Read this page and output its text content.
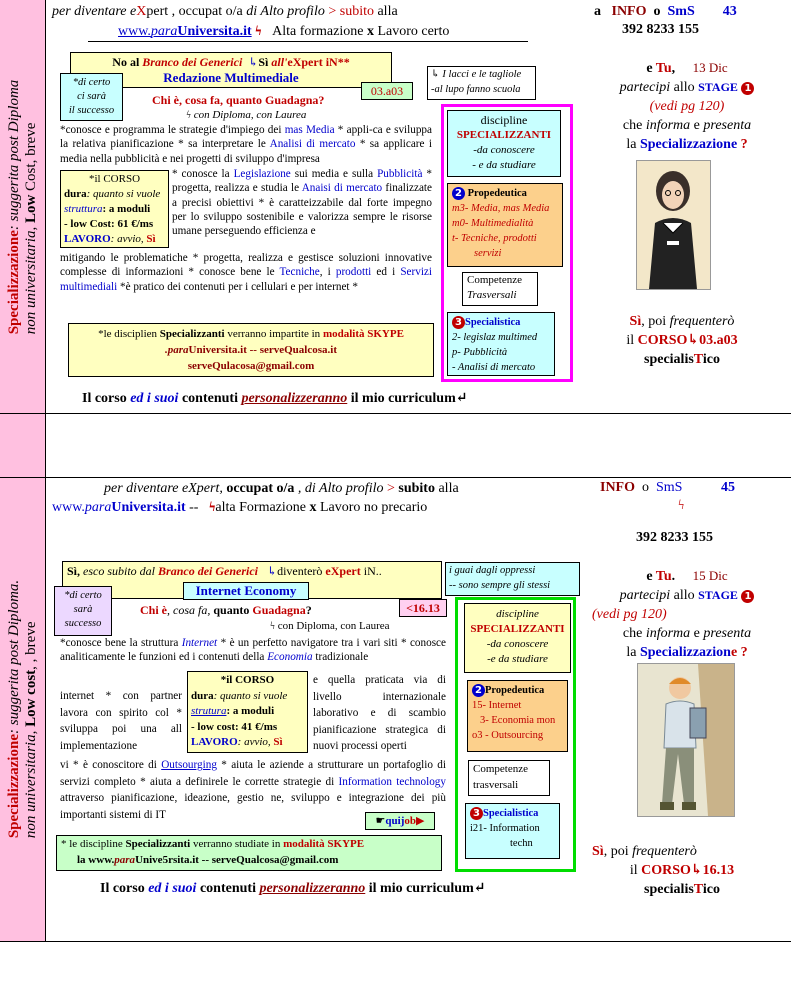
Specializzazione: suggerita post Diploma
non universitaria, Low Cost, breve
Specializzazione: suggerita post Diploma.
non universitaria, Low cost, , breve
per diventare eXpert , occupat o/a di Alto profilo > subito alla
www.paraUniversita.it ϟ Alta formazione x Lavoro certo
a INFO o SmS 43
392 8233 155
No al Branco dei Generici ↳Sì all'eXpert iN**
Redazione Multimediale
03.a03
↳ I lacci e le tagliole
-al lupo fanno scuola
*di certo
ci sarà
il successo
Chi è, cosa fa, quanto Guadagna?
ϟ con Diploma, con Laurea
*conosce e programma le strategie d'impiego dei mas Media * appli-ca e sviluppa la relativa pianificazione * sa interpretare le Analisi di mercato * sa applicare i media nella pubblicità e nei progetti di sviluppo d'impresa
* conosce la Legislazione sui media e sulla Pubblicità * progetta, realizza e studia le Anaisi di mercato finalizzate a precisi obiettivi * è caratteizzabile dal forte impegno per lo sviluppo sostenibile e valorizza sempre le risorse umane perseguendo efficienza e
*il CORSO
dura: quanto si vuole
struttura: a moduli
- low Cost: 61 €/ms
LAVORO: avvio, Sì
mitigando le problematiche * progetta, realizza e gestisce soluzioni innovative complesse di informazioni * conosce bene le Tecniche, i prodotti ed i Servizi multimediali *è pratico dei contenuti per i cellulari e per internet *
*le disciplien Specializzanti verranno impartite in modalità SKYPE
.paraUniversita.it -- serveQualcosa.it
serveQulacosa@gmail.com
Il corso ed i suoi contenuti personalizzeranno il mio curriculum↵
discipline
SPECIALIZZANTI
-da conoscere
- e da studiare
2 Propedeutica
m3- Media, mas Media
m0- Multimedialità
t- Tecniche, prodotti
servizi
Competenze
Trasversali
3 Specialistica
2- legislaz multimed
p- Pubblicità
- Analisi di mercato
e Tu, 13 Dic
partecipi allo STAGE 1
(vedi pg 120)
che informa e presenta
la Specializzazione ?
Sì, poi frequenterò
il CORSO↳03.a03
specialisTico
per diventare eXpert, occupat o/a , di Alto profilo > subito alla
www.paraUniversita.it -- ϟalta Formazione x Lavoro no precario
INFO o SmS	45
ϟ
392 8233 155
Sì, esco subito dal Branco dei Generici ↳diventerò eXpert iN..
Internet Economy
i guai dagli oppressi
-- sono sempre gli stessi
*di certo
sarà
successo
<16.13
Chi è, cosa fa, quanto Guadagna?
ϟ con Diploma, con Laurea
*conosce bene la struttura Internet * è un perfetto navigatore tra i vari siti * conosce analiticamente le funzioni ed i contenuti della Economia tradizionale
internet * con partner lavora con spirito col * sviluppa poi una all implementazione
*il CORSO
dura: quanto si vuole
strutura: a moduli
- low cost: 41 €/ms
LAVORO: avvio, Sì
e quella praticata via di livello internazionale laborativo e di scambio pianificazione strategica di nuovi processi operti
vi * è conoscitore di Outsourging * aiuta le aziende a strutturare un portafoglio di servizi completo * aiuta a definirele le corrette strategie di Information technology attraverso pianificazione, ideazione, gestio ne, sviluppo e integrazione dei più importanti sistemi di IT
☛quijob▶
* le discipline Specializzanti verranno studiate in modalità SKYPE
la www.paraUnive5rsita.it -- serveQualcosa@gmail.com
Il corso ed i suoi contenuti personalizzeranno il mio curriculum↵
discipline
SPECIALIZZANTI
-da conoscere
-e da studiare
2 Propedeutica
15- Internet
3- Economia mon
o3 - Outsourcing
Competenze
trasversali
3 Specialistica
i21- Information
techn
e Tu. 15 Dic
partecipi allo STAGE 1
(vedi pg 120)
che informa e presenta
la Specializzazione ?
Sì, poi frequenterò
il CORSO↳16.13
specialisTico
